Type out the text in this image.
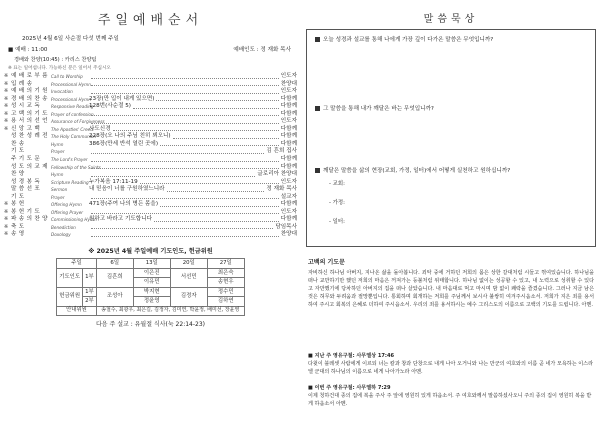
주일예배순서
2025년 4월 6일 사순절 다섯 번째 주일
■ 예배 : 11:00	예배인도 : 정 재화 목사
경배와 찬양(10:45) : 카리스 찬양팀
※ 표는 일어섭니다. 가능하신 분은 일어서 주십시오
※ 예 배 로 부 름 Call to Worship	인도자
※ 입 례 송	Processional Hymn	찬양대
※ 예 배 의 기 원 Invocation	인도자
※ 경 배 의 찬 송 Processional Hymn
23장(만 입이 내게 있으면)	다함께
※ 성 시 교 독	Responsive Reading
128번(사순절 5)	다함께
※ 고 백 의 기 도 Prayer of confession	다함께
※ 용 서 의 선 언 Assurance of Forgiveness	인도자
※ 신 앙 고 백	The Apostles' Creed
사도신경	다함께
성 찬 성 례 전 The Holy Communion
228장(오 나의 주님 친히 뵈오니)	다함께
찬 송	Hymn	386장(만세 반석 열린 곳에)	다함께
기 도	Prayer	김 흔희 집사
주 기 도 문	The Lord's Prayer	다함께
성 도 의 교 제 Fellowship of the Saints	다함께
찬 양	Hymn	글로리아 찬양대
성 경 봉 독	Scripture Reading 누가복음 17:11-19	인도자
말 씀 선 포	Sermon	내 믿음이 너를 구원하였느니라	정 재화 목사
기 도	Prayer	설교자
※ 봉 헌	Offering Hymn	471장(주여 나의 병든 몸을)	다함께
※ 봉 헌 기 도	Offering Prayer	인도자
※ 파 송 의 찬 양 Commissioning Hymn
원하고 바라고 기도합니다	다함께
※ 축 도	Benediction	담임목사
※ 송 영	Doxology	찬양대
※ 2025년 4월 주일예배 기도인도, 헌금위원
주일		6일	13일	20일	27일
기도인도	1부	김흔희	이은진	서선민	최은숙
			이유민		송현우
헌금위원	1부	조성아	박지현	김정자	정수민
	2부		정윤영		김하연

안내위원		송철수, 최광우, 최은길, 김정자, 김미연, 박윤정, 배미선, 장윤영			

다음 주 설교 : 유월절 식사(눅 22:14-23)
말씀묵상
오늘 성경과 설교를 통해 나에게 가장 깊이 다가온 말씀은 무엇입니까?
그 말씀을 통해 내가 깨달은 바는 무엇입니까?
깨달은 말씀을 삶의 현장(교회, 가정, 일터)에서 어떻게 실천하고 원하십니까?
- 교회:
- 가정:
- 일터:
고백의 기도문
자비하신 하나님 아버지, 지나온 삶을 돌아봅니다. 죄악 중에 거하던 저희의 몸은 상한 갈대처럼 시들고 꺾여있습니다. 하나님을 떠나 교만하기만 했던 저희의 마음은 꺼져가는 등불처럼 위태합니다. 하나님 없이는 성공할 수 있고, 내 노력으로 성취할 수 있다고 자만했기에 당차하던 아버지의 집을 떠나 살았습니다. 내 마음대로 먹고 마시며 밤 없이 쾌락을 즐겼습니다. 그러나 지금 남은 것은 허무와 두려움과 절망뿐입니다. 통회하며 회개하는 저희를 주님께서 보시사 불쌍히 여겨주시옵소서. 저희가 지은 죄를 용서하여 주시고 회복의 은혜로 더하여 주시옵소서. 우리의 죄를 용서하시는 예수 그리스도의 이름으로 고백의 기도를 드립니다. 아멘.
■ 지난 주 영유구절: 사무엘상 17:46
다윗이 블레셋 사람에게 이르되 너는 칼과 창과 단창으로 내게 나아 오거니와 나는 만군의 여호와의 이름 곧 네가 모욕하는 이스라엘 군대의 하나님의 이름으로 네게 나아가노라 아멘.
■ 이번 주 영유구절: 사무엘하 7:29
이제 청하건대 종의 집에 복을 주사 주 앞에 영원히 있게 하옵소서. 주 여호와께서 말씀하셨사오니 주의 종의 집이 영원히 복을 받게 하옵소서 아멘.
